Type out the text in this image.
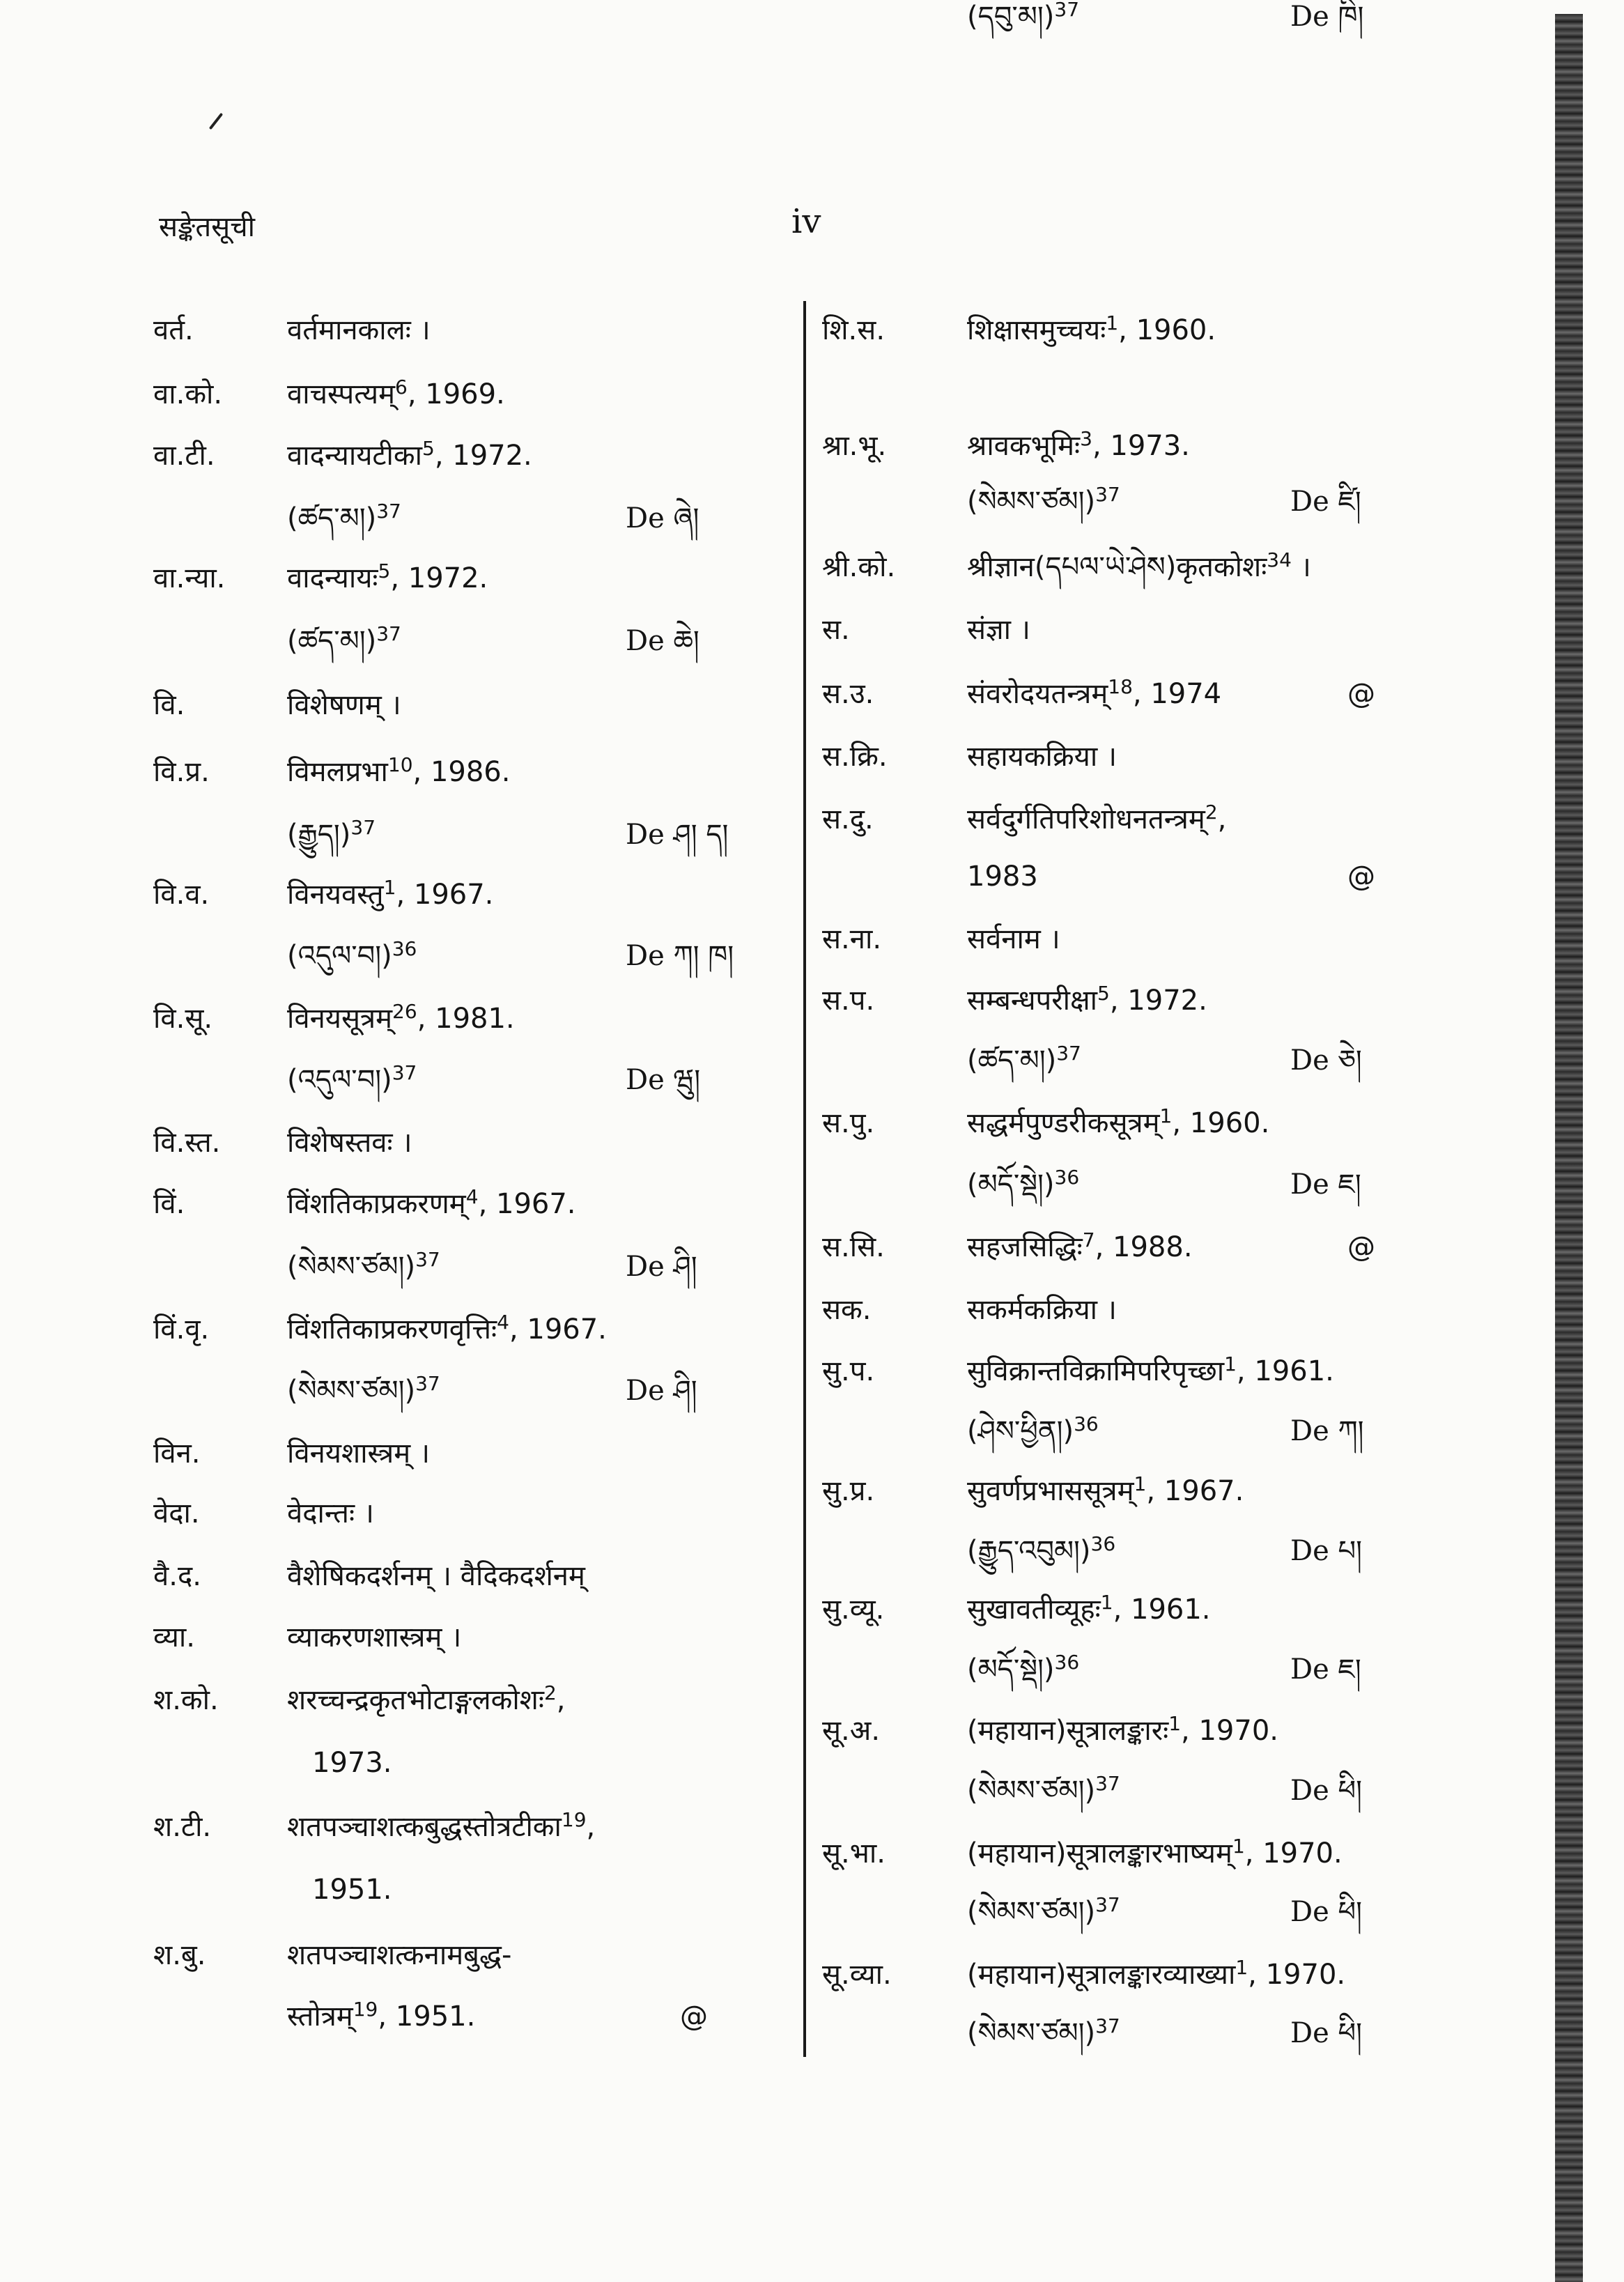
सङ्केतसूची	iv
वर्त.	वर्तमानकालः ।
वा.को. वाचस्पत्यम्$^6$, 1969.
वा.टी.	वादन्यायटीका$^5$, 1972.
(ཚད་མ།)$^{37}$	De ཞེ།
वा.न्या. वादन्यायः$^5$, 1972.
(ཚད་མ།)$^{37}$	De ཆེ།
वि.	विशेषणम् ।
वि.प्र.	विमलप्रभा$^{10}$, 1986.
(རྒྱུད།)$^{37}$	De ཤ། ད།
वि.व.	विनयवस्तु$^1$, 1967.
(འདུལ་བ།)$^{36}$	De ཀ། ཁ།
वि.सू.	विनयसूत्रम्$^{26}$, 1981.
(འདུལ་བ།)$^{37}$	De ཝུ།
वि.स्त. विशेषस्तवः ।
विं.	विंशतिकाप्रकरणम्$^4$, 1967.
(སེམས་ཙམ།)$^{37}$	De ཤི།
विं.वृ.	विंशतिकाप्रकरणवृत्तिः$^4$, 1967.
(སེམས་ཙམ།)$^{37}$	De ཤི།
विन.	विनयशास्त्रम् ।
वेदा.	वेदान्तः ।
वै.द.	वैशेषिकदर्शनम् । वैदिकदर्शनम्
व्या.	व्याकरणशास्त्रम् ।
श.को. शरच्चन्द्रकृतभोटाङ्गलकोशः$^2$,
1973.
श.टी.	शतपञ्चाशत्कबुद्धस्तोत्रटीका$^{19}$,
1951.
श.बु.	शतपञ्चाशत्कनामबुद्ध-
स्तोत्रम्$^{19}$, 1951.	@
शि.स.	शिक्षासमुच्चयः$^1$, 1960.
(དབུ་མ།)$^{37}$	De ཁི།
श्रा.भू.	श्रावकभूमिः$^3$, 1973.
(སེམས་ཙམ།)$^{37}$	De ཛི།
श्री.को.	श्रीज्ञान(དཔལ་ཡེ་ཤེས)कृतकोशः$^{34}$ ।
स.	संज्ञा ।
स.उ.	संवरोदयतन्त्रम्$^{18}$, 1974	@
स.क्रि.	सहायकक्रिया ।
स.दु.	सर्वदुर्गतिपरिशोधनतन्त्रम्$^2$,
1983	@
स.ना.	सर्वनाम ।
स.प.	सम्बन्धपरीक्षा$^5$, 1972.
(ཚད་མ།)$^{37}$	De ཅེ།
स.पु.	सद्धर्मपुण्डरीकसूत्रम्$^1$, 1960.
(མདོ་སྡེ།)$^{36}$	De ཇ།
स.सि.	सहजसिद्धिः$^7$, 1988.	@
सक.	सकर्मकक्रिया ।
सु.प.	सुविक्रान्तविक्रामिपरिपृच्छा$^1$, 1961.
(ཤེས་ཕྱིན།)$^{36}$	De ཀ།
सु.प्र.	सुवर्णप्रभाससूत्रम्$^1$, 1967.
(རྒྱུད་འབུམ།)$^{36}$	De པ།
सु.व्यू.	सुखावतीव्यूहः$^1$, 1961.
(མདོ་སྡེ།)$^{36}$	De ཇ།
सू.अ.	(महायान)सूत्रालङ्कारः$^1$, 1970.
(སེམས་ཙམ།)$^{37}$	De ཕི།
सू.भा.	(महायान)सूत्रालङ्कारभाष्यम्$^1$, 1970.
(སེམས་ཙམ།)$^{37}$	De ཕི།
सू.व्या.	(महायान)सूत्रालङ्कारव्याख्या$^1$, 1970.
(སེམས་ཙམ།)$^{37}$	De ཕི།
